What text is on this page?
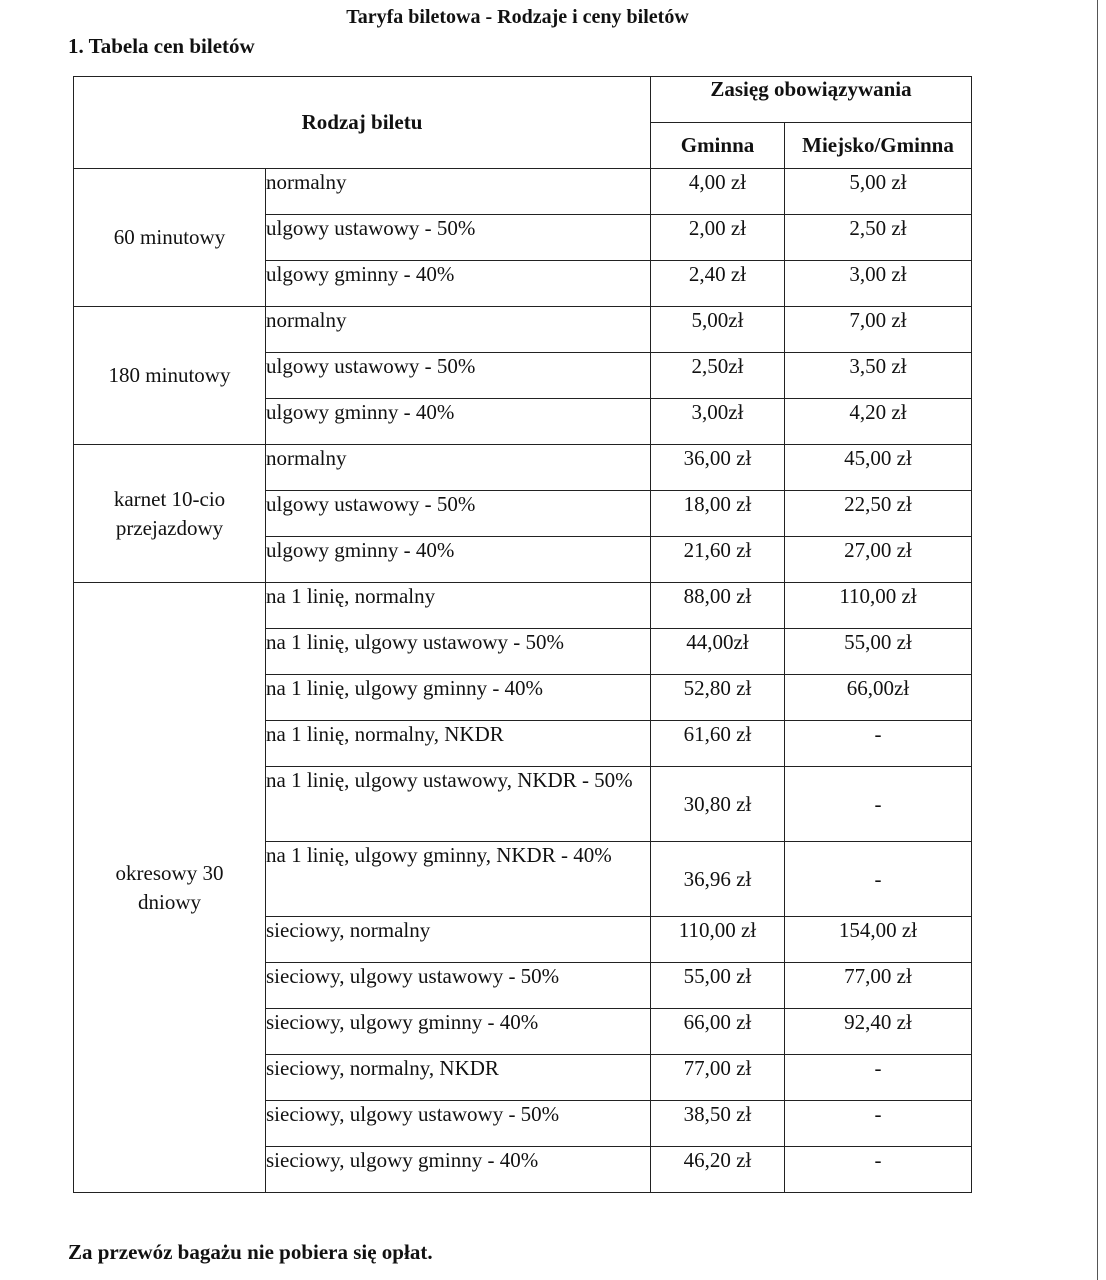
Taryfa biletowa - Rodzaje i ceny biletów
1. Tabela cen biletów
Rodzaj biletu		Zasięg obowiązywania	
		Gminna	Miejsko/Gminna
60 minutowy	normalny	4,00 zł	5,00 zł
	ulgowy ustawowy - 50%	2,00 zł	2,50 zł
	ulgowy gminny - 40%	2,40 zł	3,00 zł
180 minutowy	normalny	5,00zł	7,00 zł
	ulgowy ustawowy - 50%	2,50zł	3,50 zł
	ulgowy gminny - 40%	3,00zł	4,20 zł
karnet 10-cio przejazdowy	normalny	36,00 zł	45,00 zł
	ulgowy ustawowy - 50%	18,00 zł	22,50 zł
	ulgowy gminny - 40%	21,60 zł	27,00 zł
okresowy 30 dniowy	na 1 linię, normalny	88,00 zł	110,00 zł
	na 1 linię, ulgowy ustawowy - 50%	44,00zł	55,00 zł
	na 1 linię, ulgowy gminny - 40%	52,80 zł	66,00zł
	na 1 linię, normalny, NKDR	61,60 zł	-
	na 1 linię, ulgowy ustawowy, NKDR - 50%	30,80 zł	-
	na 1 linię, ulgowy gminny, NKDR - 40%	36,96 zł	-
	sieciowy, normalny	110,00 zł	154,00 zł
	sieciowy, ulgowy ustawowy - 50%	55,00 zł	77,00 zł
	sieciowy, ulgowy gminny - 40%	66,00 zł	92,40 zł
	sieciowy, normalny, NKDR	77,00 zł	-
	sieciowy, ulgowy ustawowy - 50%	38,50 zł	-
	sieciowy, ulgowy gminny - 40%	46,20 zł	-
Za przewóz bagażu nie pobiera się opłat.
